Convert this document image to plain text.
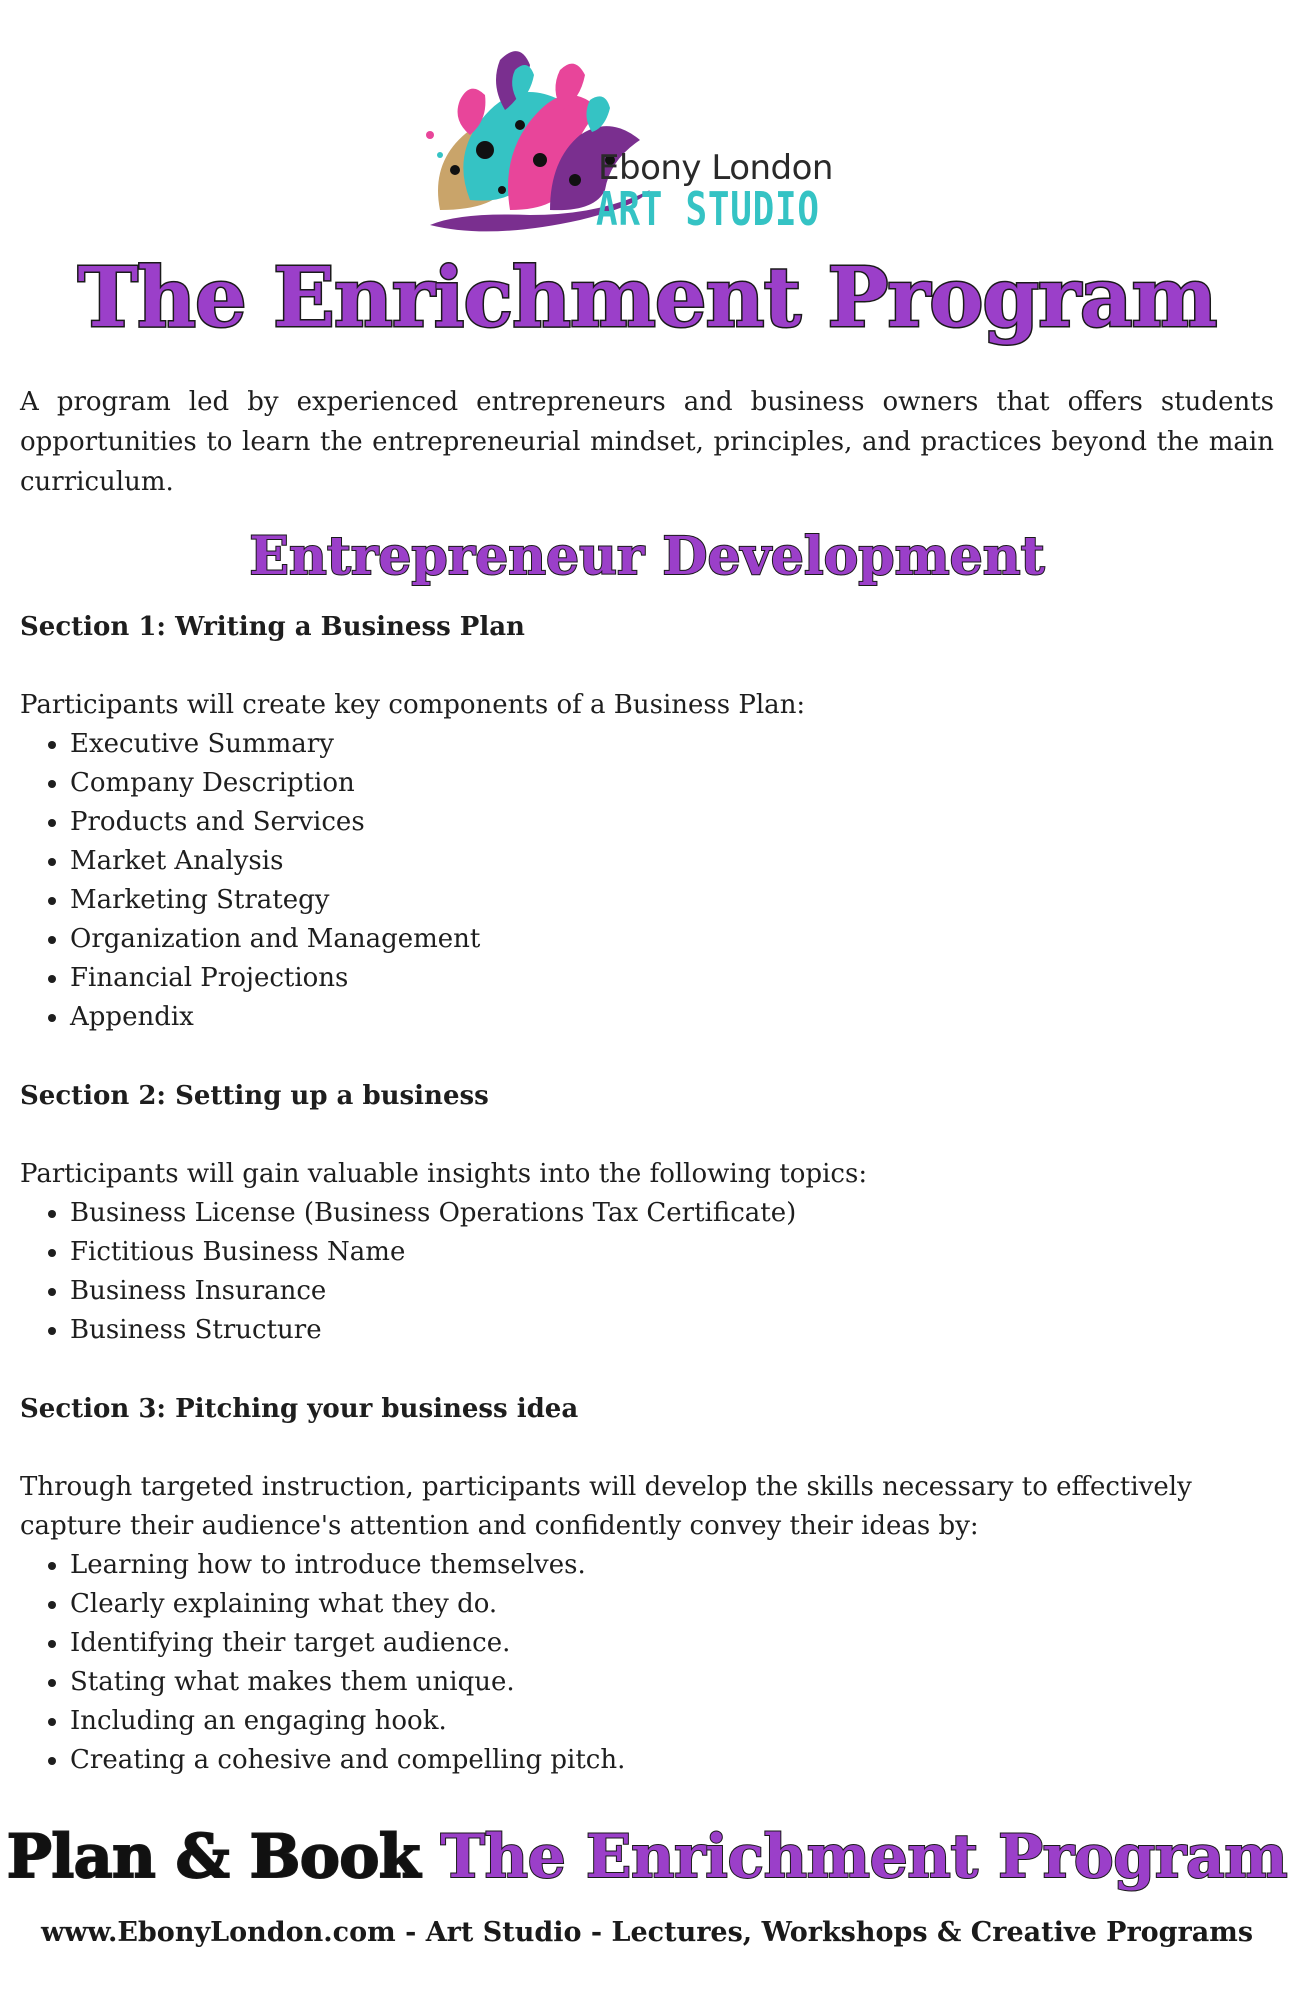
Ebony London
ART STUDIO
The Enrichment Program

A program led by experienced entrepreneurs and business owners that offers students opportunities to learn the entrepreneurial mindset, principles, and practices beyond the main curriculum.

Entrepreneur Development

Section 1: Writing a Business Plan

Participants will create key components of a Business Plan:

• Executive Summary
• Company Description
• Products and Services
• Market Analysis
• Marketing Strategy
• Organization and Management
• Financial Projections
• Appendix

Section 2: Setting up a business

Participants will gain valuable insights into the following topics:

• Business License (Business Operations Tax Certificate)
• Fictitious Business Name
• Business Insurance
• Business Structure

Section 3: Pitching your business idea

Through targeted instruction, participants will develop the skills necessary to effectively capture their audience's attention and confidently convey their ideas by:

• Learning how to introduce themselves.
• Clearly explaining what they do.
• Identifying their target audience.
• Stating what makes them unique.
• Including an engaging hook.
• Creating a cohesive and compelling pitch.
Plan & Book The Enrichment Program
www.EbonyLondon.com - Art Studio - Lectures, Workshops & Creative Programs
